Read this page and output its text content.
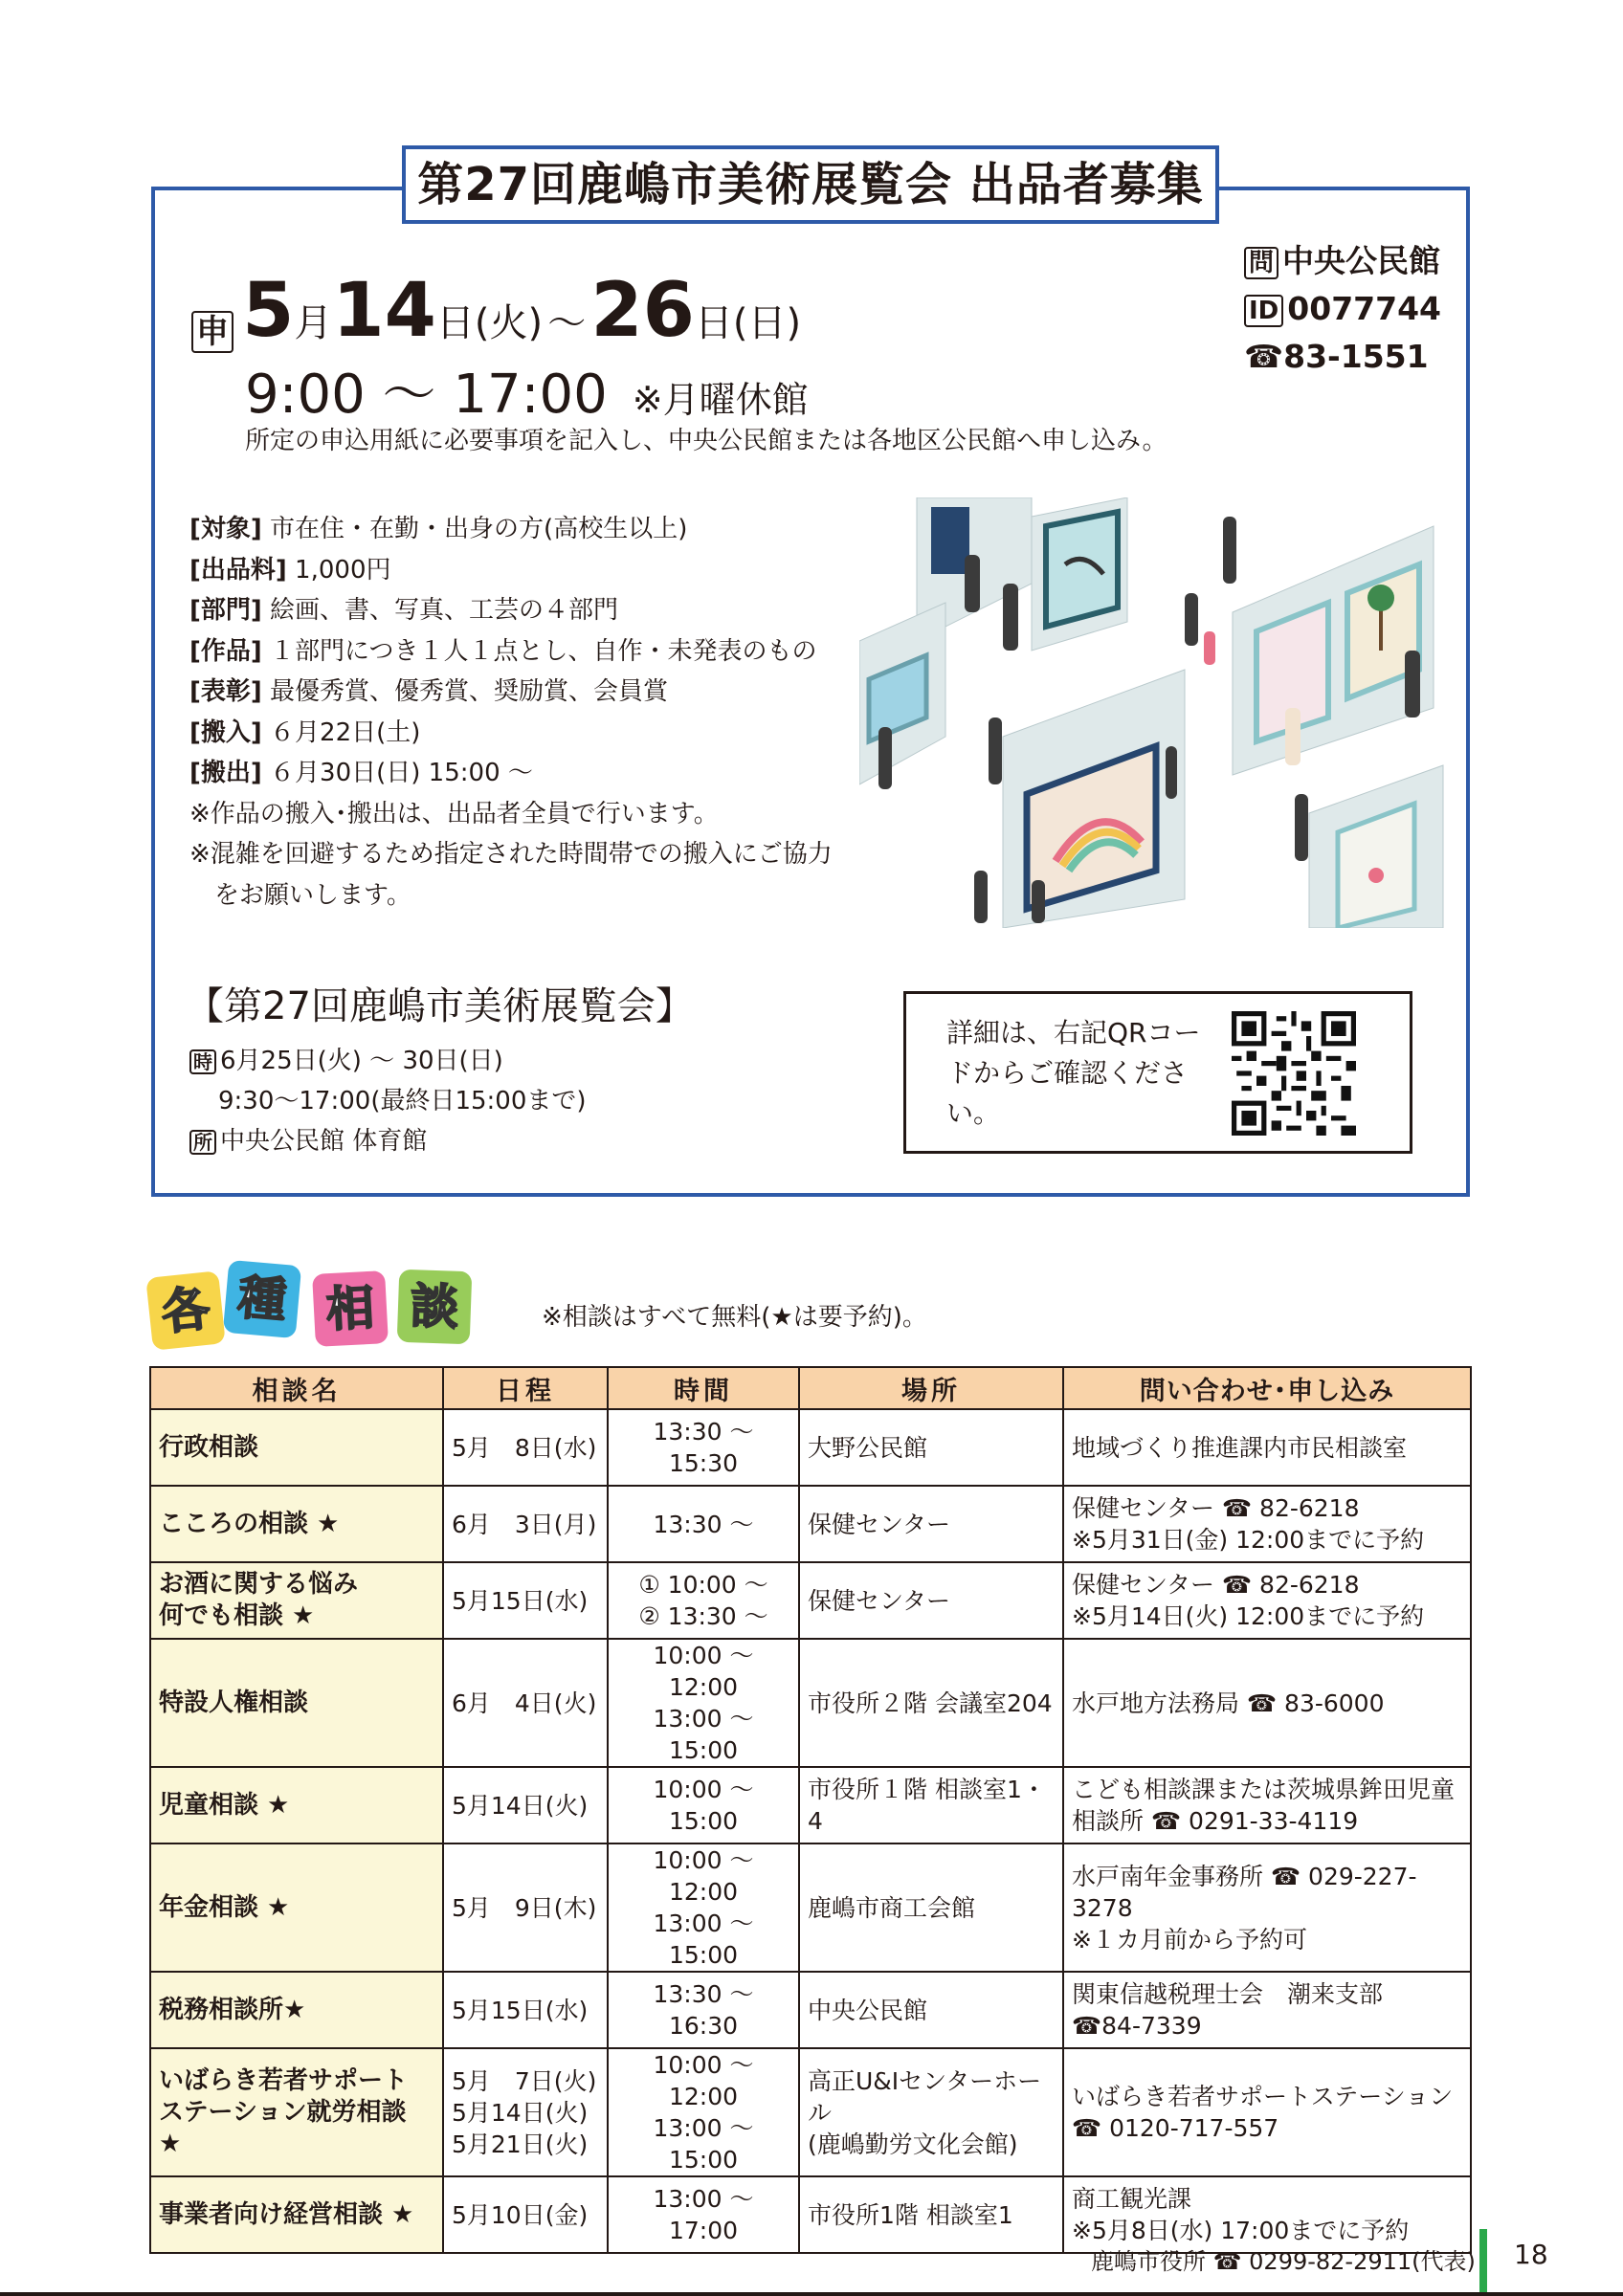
第27回鹿嶋市美術展覧会 出品者募集
申 5月14日(火) ～ 26日(日)
9:00 ～ 17:00 ※月曜休館
所定の申込用紙に必要事項を記入し、中央公民館または各地区公民館へ申し込み。
問 中央公民館
ID 0077744
☎83-1551
[対象] 市在住・在勤・出身の方(高校生以上)
[出品料] 1,000円
[部門] 絵画、書、写真、工芸の４部門
[作品] １部門につき１人１点とし、自作・未発表のもの
[表彰] 最優秀賞、優秀賞、奨励賞、会員賞
[搬入] ６月22日(土)
[搬出] ６月30日(日) 15:00 ～
※作品の搬入･搬出は、出品者全員で行います。
※混雑を回避するため指定された時間帯での搬入にご協力
　をお願いします。
【第27回鹿嶋市美術展覧会】
時 6月25日(火) ～ 30日(日)
9:30～17:00(最終日15:00まで)
所 中央公民館 体育館
詳細は、右記QRコードからご確認ください。
各 種 相 談	※相談はすべて無料(★は要予約)。
相談名	日程	時間	場所	問い合わせ･申し込み
行政相談	5月　8日(水)	13:30 ～ 15:30	大野公民館	地域づくり推進課内市民相談室
こころの相談 ★	6月　3日(月)	13:30 ～	保健センター	保健センター ☎ 82-6218
※5月31日(金) 12:00までに予約
お酒に関する悩み
何でも相談 ★	5月15日(水)	① 10:00 ～
② 13:30 ～	保健センター	保健センター ☎ 82-6218
※5月14日(火) 12:00までに予約
特設人権相談	6月　4日(火)	10:00 ～ 12:00
13:00 ～ 15:00	市役所２階 会議室204	水戸地方法務局 ☎ 83-6000
児童相談 ★	5月14日(火)	10:00 ～ 15:00	市役所１階 相談室1・4	こども相談課または茨城県鉾田児童相談所 ☎ 0291-33-4119
年金相談 ★	5月　9日(木)	10:00 ～ 12:00
13:00 ～ 15:00	鹿嶋市商工会館	水戸南年金事務所 ☎ 029-227-3278
※１カ月前から予約可
税務相談所★	5月15日(水)	13:30 ～ 16:30	中央公民館	関東信越税理士会　潮来支部
☎84-7339
いばらき若者サポート
ステーション就労相談 ★	5月　7日(火)
5月14日(火)
5月21日(火)	10:00 ～ 12:00
13:00 ～ 15:00	高正U&Iセンターホール
(鹿嶋勤労文化会館)	いばらき若者サポートステーション
☎ 0120-717-557
事業者向け経営相談 ★	5月10日(金)	13:00 ～ 17:00	市役所1階 相談室1	商工観光課
※5月8日(水) 17:00までに予約
鹿嶋市役所 ☎ 0299-82-2911(代表) 18
